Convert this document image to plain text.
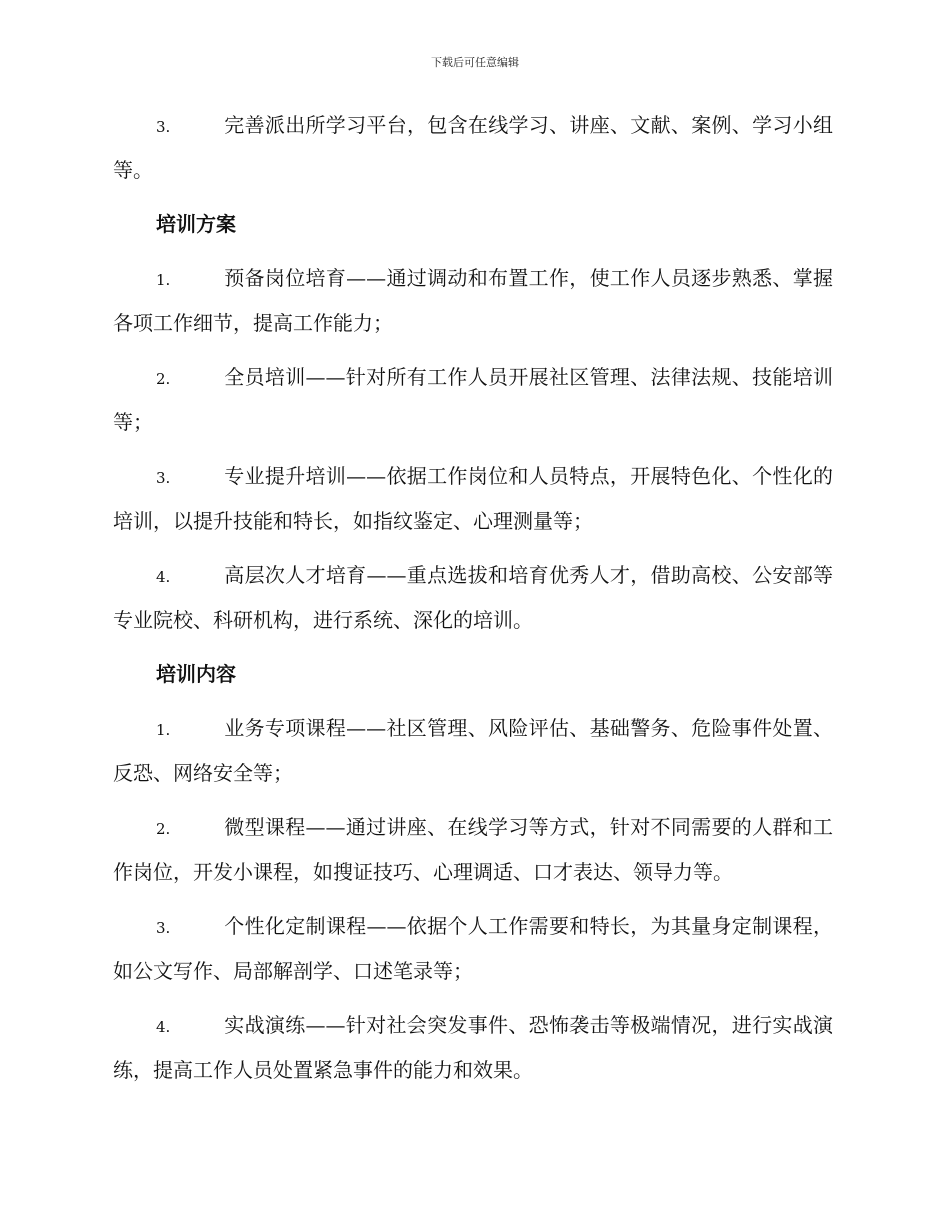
下载后可任意编辑

3.	完善派出所学习平台，包含在线学习、讲座、文献、案例、学习小组等。

培训方案

1.	预备岗位培育——通过调动和布置工作，使工作人员逐步熟悉、掌握各项工作细节，提高工作能力；

2.	全员培训——针对所有工作人员开展社区管理、法律法规、技能培训等；

3.	专业提升培训——依据工作岗位和人员特点，开展特色化、个性化的培训，以提升技能和特长，如指纹鉴定、心理测量等；

4.	高层次人才培育——重点选拔和培育优秀人才，借助高校、公安部等专业院校、科研机构，进行系统、深化的培训。

培训内容

1.	业务专项课程——社区管理、风险评估、基础警务、危险事件处置、反恐、网络安全等；

2.	微型课程——通过讲座、在线学习等方式，针对不同需要的人群和工作岗位，开发小课程，如搜证技巧、心理调适、口才表达、领导力等。

3.	个性化定制课程——依据个人工作需要和特长，为其量身定制课程，如公文写作、局部解剖学、口述笔录等；

4.	实战演练——针对社会突发事件、恐怖袭击等极端情况，进行实战演练，提高工作人员处置紧急事件的能力和效果。
